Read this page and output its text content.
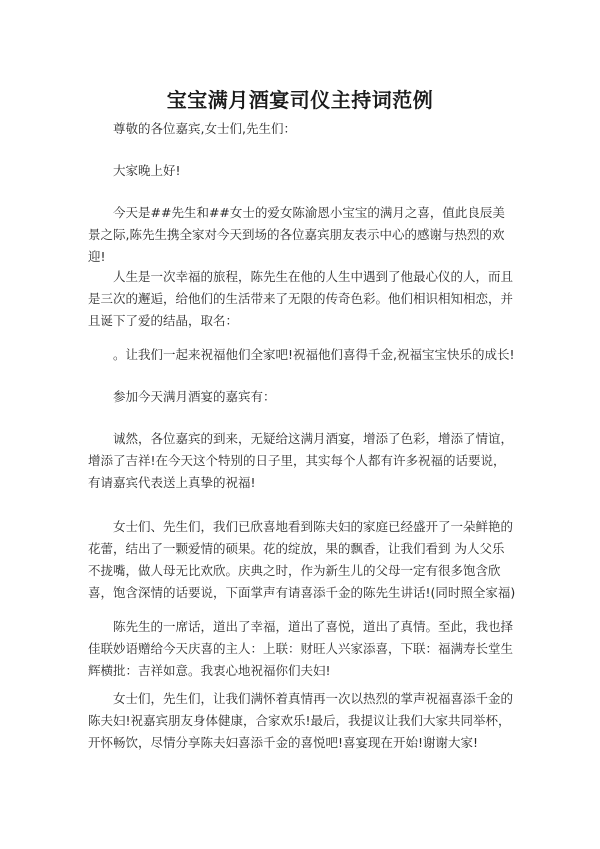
宝宝满月酒宴司仪主持词范例

尊敬的各位嘉宾,女士们,先生们：

大家晚上好!

今天是##先生和##女士的爱女陈渝恩小宝宝的满月之喜，值此良辰美景之际,陈先生携全家对今天到场的各位嘉宾朋友表示中心的感谢与热烈的欢迎!

人生是一次幸福的旅程，陈先生在他的人生中遇到了他最心仪的人，而且是三次的邂逅，给他们的生活带来了无限的传奇色彩。他们相识相知相恋，并且诞下了爱的结晶，取名：

。让我们一起来祝福他们全家吧!祝福他们喜得千金,祝福宝宝快乐的成长!

参加今天满月酒宴的嘉宾有：

诚然，各位嘉宾的到来，无疑给这满月酒宴，增添了色彩，增添了情谊，增添了吉祥!在今天这个特别的日子里，其实每个人都有许多祝福的话要说，有请嘉宾代表送上真挚的祝福!

女士们、先生们，我们已欣喜地看到陈夫妇的家庭已经盛开了一朵鲜艳的花蕾，结出了一颗爱情的硕果。花的绽放，果的飘香，让我们看到 为人父乐不拢嘴，做人母无比欢欣。庆典之时，作为新生儿的父母一定有很多饱含欣喜，饱含深情的话要说，下面掌声有请喜添千金的陈先生讲话!(同时照全家福)

陈先生的一席话，道出了幸福，道出了喜悦，道出了真情。至此，我也择佳联妙语赠给今天庆喜的主人：上联：财旺人兴家添喜，下联：福满寿长堂生辉横批：吉祥如意。我衷心地祝福你们夫妇!

女士们，先生们，让我们满怀着真情再一次以热烈的掌声祝福喜添千金的陈夫妇!祝嘉宾朋友身体健康，合家欢乐!最后，我提议让我们大家共同举杯，开怀畅饮，尽情分享陈夫妇喜添千金的喜悦吧!喜宴现在开始!谢谢大家!
